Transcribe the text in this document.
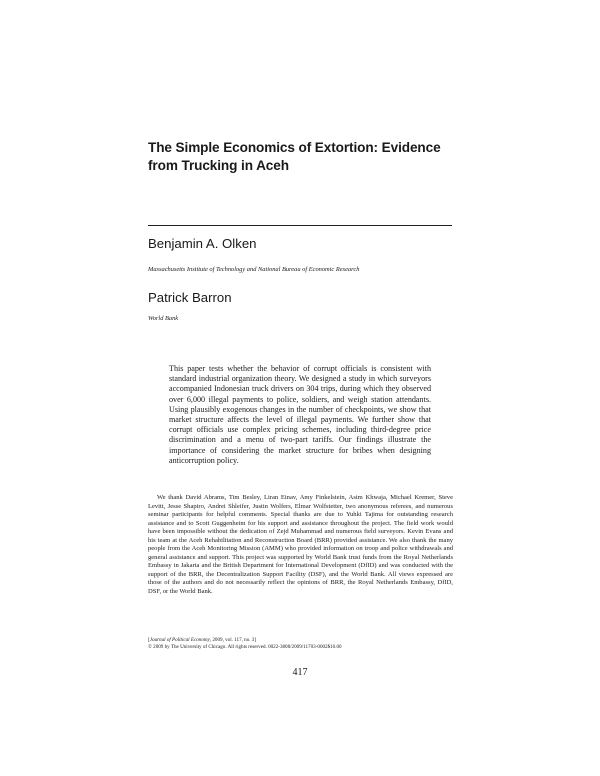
The Simple Economics of Extortion: Evidence from Trucking in Aceh
Benjamin A. Olken

Massachusetts Institute of Technology and National Bureau of Economic Research

Patrick Barron

World Bank

This paper tests whether the behavior of corrupt officials is consistent with standard industrial organization theory. We designed a study in which surveyors accompanied Indonesian truck drivers on 304 trips, during which they observed over 6,000 illegal payments to police, soldiers, and weigh station attendants. Using plausibly exogenous changes in the number of checkpoints, we show that market structure affects the level of illegal payments. We further show that corrupt officials use complex pricing schemes, including third-degree price discrimination and a menu of two-part tariffs. Our findings illustrate the importance of considering the market structure for bribes when designing anticorruption policy.

We thank David Abrams, Tim Besley, Liran Einav, Amy Finkelstein, Asim Khwaja, Michael Kremer, Steve Levitt, Jesse Shapiro, Andrei Shleifer, Justin Wolfers, Elmar Wolfstetter, two anonymous referees, and numerous seminar participants for helpful comments. Special thanks are due to Yuhki Tajima for outstanding research assistance and to Scott Guggenheim for his support and assistance throughout the project. The field work would have been impossible without the dedication of Zejd Muhammad and numerous field surveyors. Kevin Evans and his team at the Aceh Rehabilitation and Reconstruction Board (BRR) provided assistance. We also thank the many people from the Aceh Monitoring Mission (AMM) who provided information on troop and police withdrawals and general assistance and support. This project was supported by World Bank trust funds from the Royal Netherlands Embassy in Jakarta and the British Department for International Development (DfID) and was conducted with the support of the BRR, the Decentralization Support Facility (DSF), and the World Bank. All views expressed are those of the authors and do not necessarily reflect the opinions of BRR, the Royal Netherlands Embassy, DfID, DSF, or the World Bank.

[Journal of Political Economy, 2009, vol. 117, no. 3]
© 2009 by The University of Chicago. All rights reserved. 0022-3808/2009/11703-0002$10.00
417
